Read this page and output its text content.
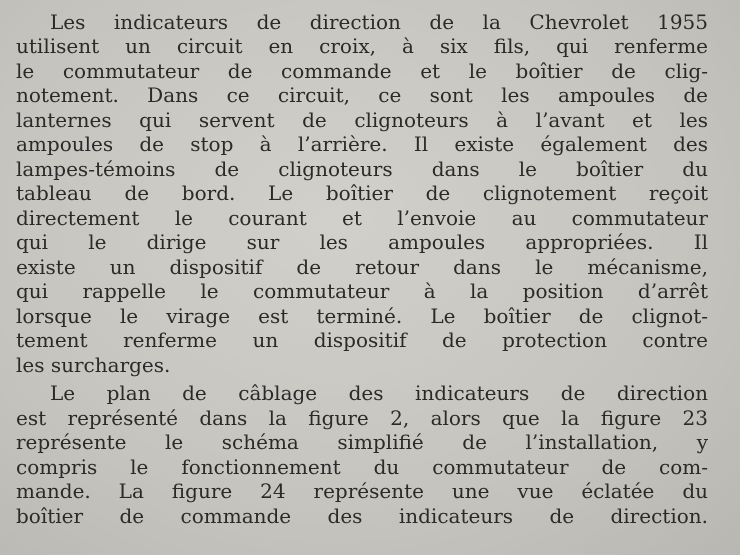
Les indicateurs de direction de la Chevrolet 1955

utilisent un circuit en croix, à six fils, qui renferme

le commutateur de commande et le boîtier de clig-

notement. Dans ce circuit, ce sont les ampoules de

lanternes qui servent de clignoteurs à l’avant et les

ampoules de stop à l’arrière. Il existe également des

lampes-témoins de clignoteurs dans le boîtier du

tableau de bord. Le boîtier de clignotement reçoit

directement le courant et l’envoie au commutateur

qui le dirige sur les ampoules appropriées. Il

existe un dispositif de retour dans le mécanisme,

qui rappelle le commutateur à la position d’arrêt

lorsque le virage est terminé. Le boîtier de clignot-

tement renferme un dispositif de protection contre

les surcharges.

Le plan de câblage des indicateurs de direction

est représenté dans la figure 2, alors que la figure 23

représente le schéma simplifié de l’installation, y

compris le fonctionnement du commutateur de com-

mande. La figure 24 représente une vue éclatée du

boîtier de commande des indicateurs de direction.
